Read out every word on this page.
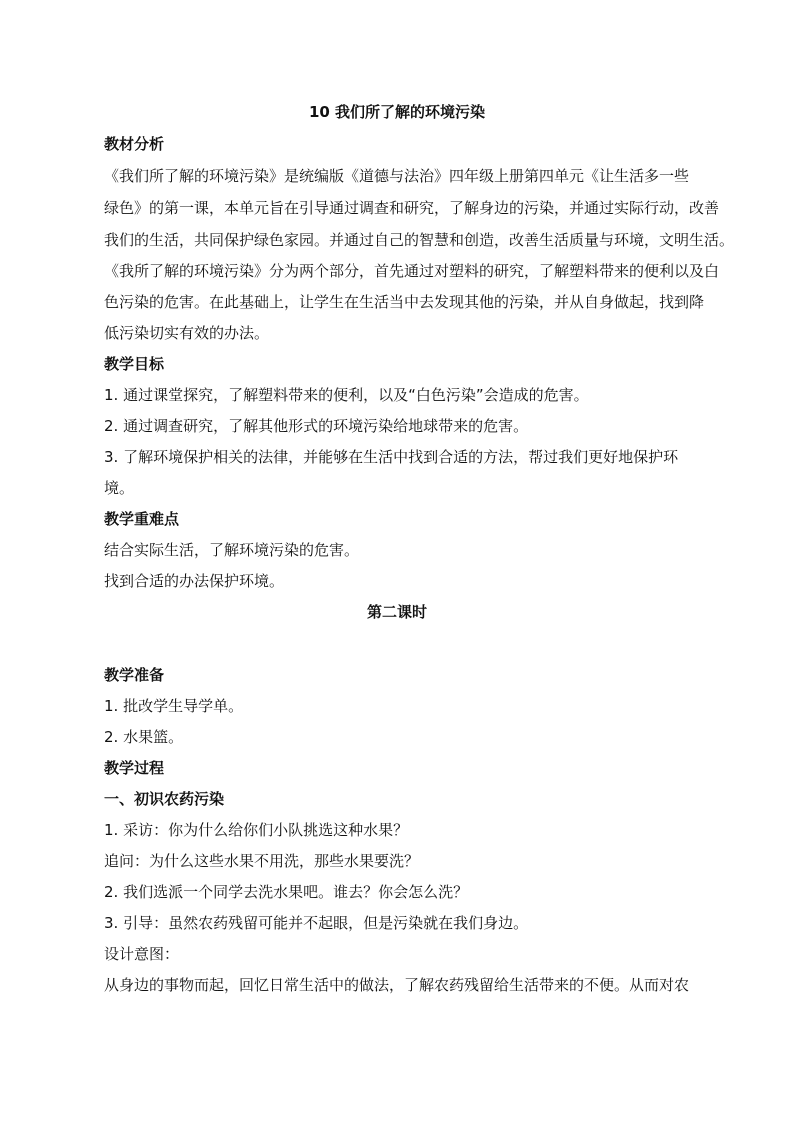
10 我们所了解的环境污染
教材分析
《我们所了解的环境污染》是统编版《道德与法治》四年级上册第四单元《让生活多一些
绿色》的第一课，本单元旨在引导通过调查和研究，了解身边的污染，并通过实际行动，改善
我们的生活，共同保护绿色家园。并通过自己的智慧和创造，改善生活质量与环境，文明生活。
《我所了解的环境污染》分为两个部分，首先通过对塑料的研究，了解塑料带来的便利以及白
色污染的危害。在此基础上，让学生在生活当中去发现其他的污染，并从自身做起，找到降
低污染切实有效的办法。
教学目标
1. 通过课堂探究，了解塑料带来的便利，以及“白色污染”会造成的危害。
2. 通过调查研究，了解其他形式的环境污染给地球带来的危害。
3. 了解环境保护相关的法律，并能够在生活中找到合适的方法，帮过我们更好地保护环
境。
教学重难点
结合实际生活，了解环境污染的危害。
找到合适的办法保护环境。
第二课时
教学准备
1. 批改学生导学单。
2. 水果篮。
教学过程
一、初识农药污染
1. 采访：你为什么给你们小队挑选这种水果？
追问：为什么这些水果不用洗，那些水果要洗？
2. 我们选派一个同学去洗水果吧。谁去？你会怎么洗？
3. 引导：虽然农药残留可能并不起眼，但是污染就在我们身边。
设计意图：
从身边的事物而起，回忆日常生活中的做法，了解农药残留给生活带来的不便。从而对农
